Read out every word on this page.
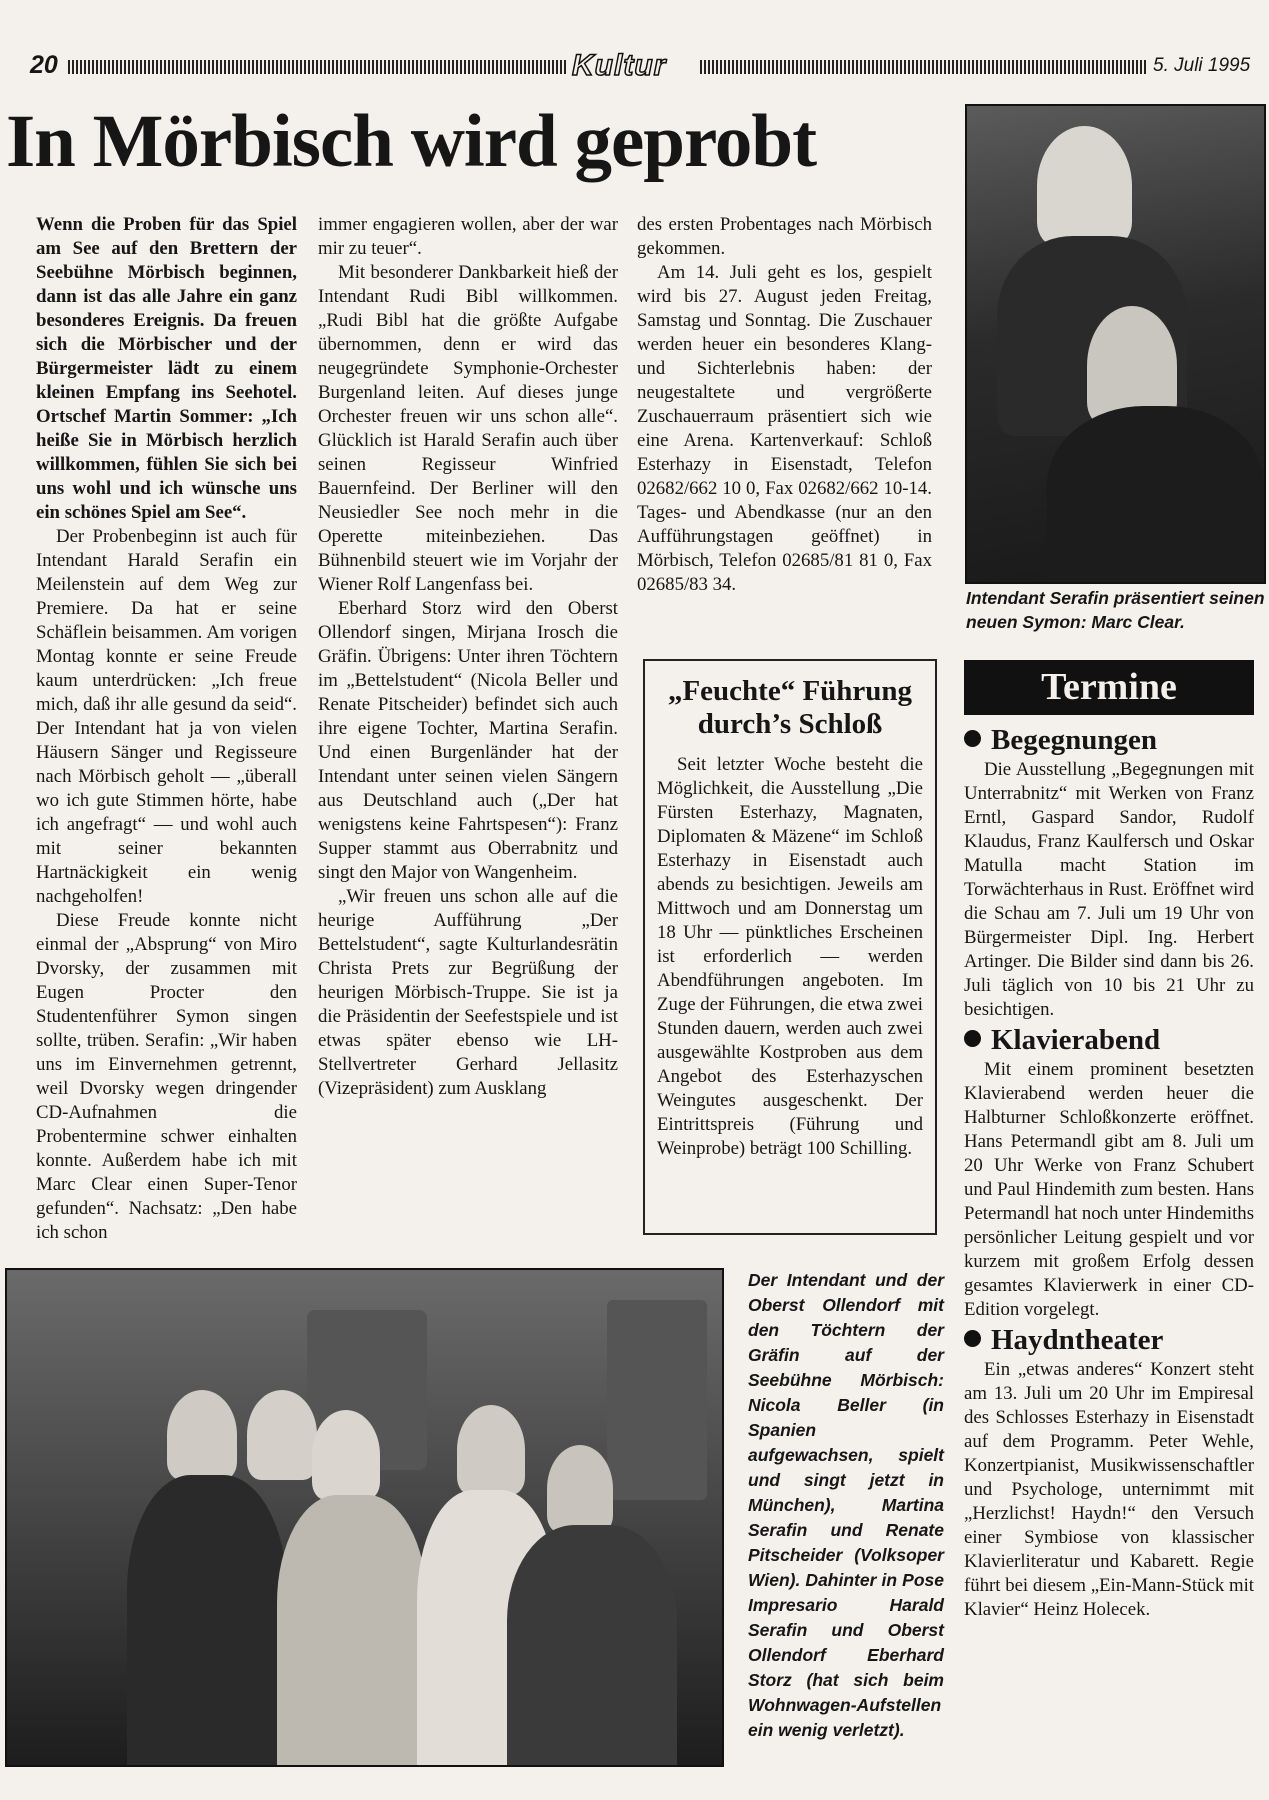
20	Kultur	5. Juli 1995
In Mörbisch wird geprobt

Wenn die Proben für das Spiel am See auf den Brettern der Seebühne Mörbisch beginnen, dann ist das alle Jahre ein ganz besonderes Ereignis. Da freuen sich die Mörbischer und der Bürgermeister lädt zu einem kleinen Empfang ins Seehotel. Ortschef Martin Sommer: „Ich heiße Sie in Mörbisch herzlich willkommen, fühlen Sie sich bei uns wohl und ich wünsche uns ein schönes Spiel am See“.

Der Probenbeginn ist auch für Intendant Harald Serafin ein Meilenstein auf dem Weg zur Premiere. Da hat er seine Schäflein beisammen. Am vorigen Montag konnte er seine Freude kaum unterdrücken: „Ich freue mich, daß ihr alle gesund da seid“. Der Intendant hat ja von vielen Häusern Sänger und Regisseure nach Mörbisch geholt — „überall wo ich gute Stimmen hörte, habe ich angefragt“ — und wohl auch mit seiner bekannten Hartnäckigkeit ein wenig nachgeholfen!

Diese Freude konnte nicht einmal der „Absprung“ von Miro Dvorsky, der zusammen mit Eugen Procter den Studentenführer Symon singen sollte, trüben. Serafin: „Wir haben uns im Einvernehmen getrennt, weil Dvorsky wegen dringender CD-Aufnahmen die Probentermine schwer einhalten konnte. Außerdem habe ich mit Marc Clear einen Super-Tenor gefunden“. Nachsatz: „Den habe ich schon

immer engagieren wollen, aber der war mir zu teuer“.

Mit besonderer Dankbarkeit hieß der Intendant Rudi Bibl willkommen. „Rudi Bibl hat die größte Aufgabe übernommen, denn er wird das neugegründete Symphonie-Orchester Burgenland leiten. Auf dieses junge Orchester freuen wir uns schon alle“. Glücklich ist Harald Serafin auch über seinen Regisseur Winfried Bauernfeind. Der Berliner will den Neusiedler See noch mehr in die Operette miteinbeziehen. Das Bühnenbild steuert wie im Vorjahr der Wiener Rolf Langenfass bei.

Eberhard Storz wird den Oberst Ollendorf singen, Mirjana Irosch die Gräfin. Übrigens: Unter ihren Töchtern im „Bettelstudent“ (Nicola Beller und Renate Pitscheider) befindet sich auch ihre eigene Tochter, Martina Serafin. Und einen Burgenländer hat der Intendant unter seinen vielen Sängern aus Deutschland auch („Der hat wenigstens keine Fahrtspesen“): Franz Supper stammt aus Oberrabnitz und singt den Major von Wangenheim.

„Wir freuen uns schon alle auf die heurige Aufführung „Der Bettelstudent“, sagte Kulturlandesrätin Christa Prets zur Begrüßung der heurigen Mörbisch-Truppe. Sie ist ja die Präsidentin der Seefestspiele und ist etwas später ebenso wie LH-Stellvertreter Gerhard Jellasitz (Vizepräsident) zum Ausklang

des ersten Probentages nach Mörbisch gekommen.

Am 14. Juli geht es los, gespielt wird bis 27. August jeden Freitag, Samstag und Sonntag. Die Zuschauer werden heuer ein besonderes Klang- und Sichterlebnis haben: der neugestaltete und vergrößerte Zuschauerraum präsentiert sich wie eine Arena. Kartenverkauf: Schloß Esterhazy in Eisenstadt, Telefon 02682/662 10 0, Fax 02682/662 10-14. Tages- und Abendkasse (nur an den Aufführungstagen geöffnet) in Mörbisch, Telefon 02685/81 81 0, Fax 02685/83 34.

Intendant Serafin präsentiert seinen neuen Symon: Marc Clear.
„Feuchte“ Führung durch’s Schloß

Seit letzter Woche besteht die Möglichkeit, die Ausstellung „Die Fürsten Esterhazy, Magnaten, Diplomaten & Mäzene“ im Schloß Esterhazy in Eisenstadt auch abends zu besichtigen. Jeweils am Mittwoch und am Donnerstag um 18 Uhr — pünktliches Erscheinen ist erforderlich — werden Abendführungen angeboten. Im Zuge der Führungen, die etwa zwei Stunden dauern, werden auch zwei ausgewählte Kostproben aus dem Angebot des Esterhazyschen Weingutes ausgeschenkt. Der Eintrittspreis (Führung und Weinprobe) beträgt 100 Schilling.

Termine
Begegnungen

Die Ausstellung „Begegnungen mit Unterrabnitz“ mit Werken von Franz Erntl, Gaspard Sandor, Rudolf Klaudus, Franz Kaulfersch und Oskar Matulla macht Station im Torwächterhaus in Rust. Eröffnet wird die Schau am 7. Juli um 19 Uhr von Bürgermeister Dipl. Ing. Herbert Artinger. Die Bilder sind dann bis 26. Juli täglich von 10 bis 21 Uhr zu besichtigen.

Klavierabend

Mit einem prominent besetzten Klavierabend werden heuer die Halbturner Schloßkonzerte eröffnet. Hans Petermandl gibt am 8. Juli um 20 Uhr Werke von Franz Schubert und Paul Hindemith zum besten. Hans Petermandl hat noch unter Hindemiths persönlicher Leitung gespielt und vor kurzem mit großem Erfolg dessen gesamtes Klavierwerk in einer CD-Edition vorgelegt.

Haydntheater

Ein „etwas anderes“ Konzert steht am 13. Juli um 20 Uhr im Empiresal des Schlosses Esterhazy in Eisenstadt auf dem Programm. Peter Wehle, Konzertpianist, Musikwissenschaftler und Psychologe, unternimmt mit „Herzlichst! Haydn!“ den Versuch einer Symbiose von klassischer Klavierliteratur und Kabarett. Regie führt bei diesem „Ein-Mann-Stück mit Klavier“ Heinz Holecek.

Der Intendant und der Oberst Ollendorf mit den Töchtern der Gräfin auf der Seebühne Mörbisch: Nicola Beller (in Spanien aufgewachsen, spielt und singt jetzt in München), Martina Serafin und Renate Pitscheider (Volksoper Wien). Dahinter in Pose Impresario Harald Serafin und Oberst Ollendorf Eberhard Storz (hat sich beim Wohnwagen-Aufstellen ein wenig verletzt).
